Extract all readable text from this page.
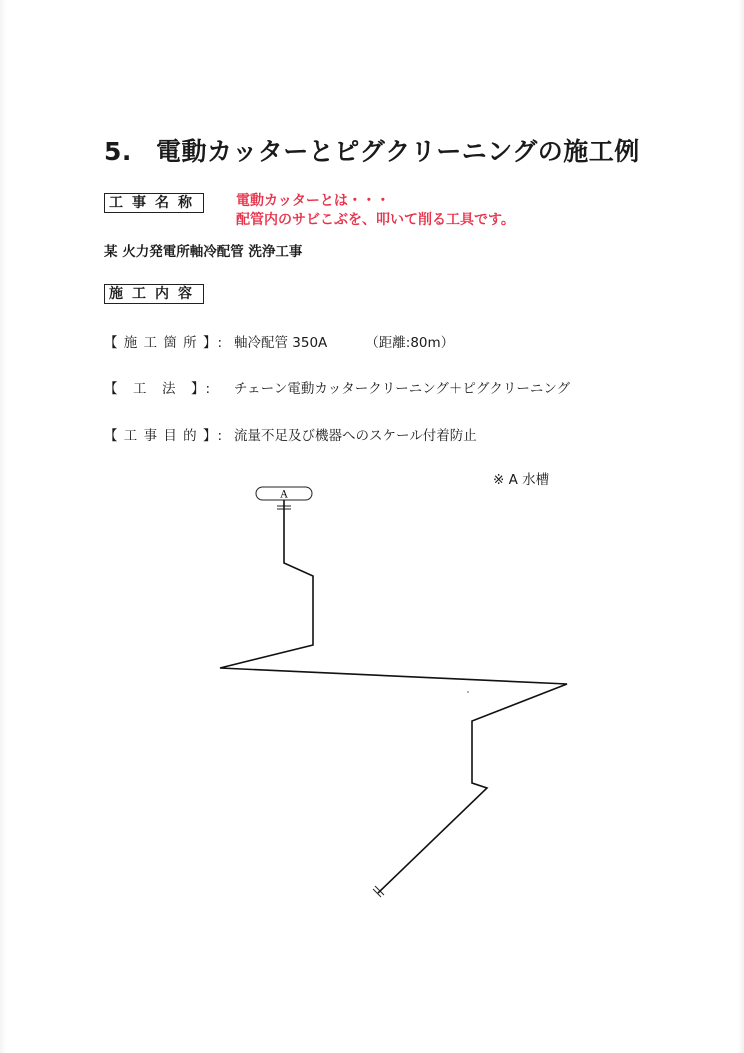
5. 電動カッターとピグクリーニングの施工例
工事名称	電動カッターとは・・・
配管内のサビこぶを、叩いて削る工具です。
某 火力発電所軸冷配管 洗浄工事
施工内容
【 施 工 箇 所 】: 軸冷配管 350A	（距離:80m）
【　工　法　】:	チェーン電動カッタークリーニング＋ピグクリーニング
【 工 事 目 的 】: 流量不足及び機器へのスケール付着防止
※ A 水槽
A
